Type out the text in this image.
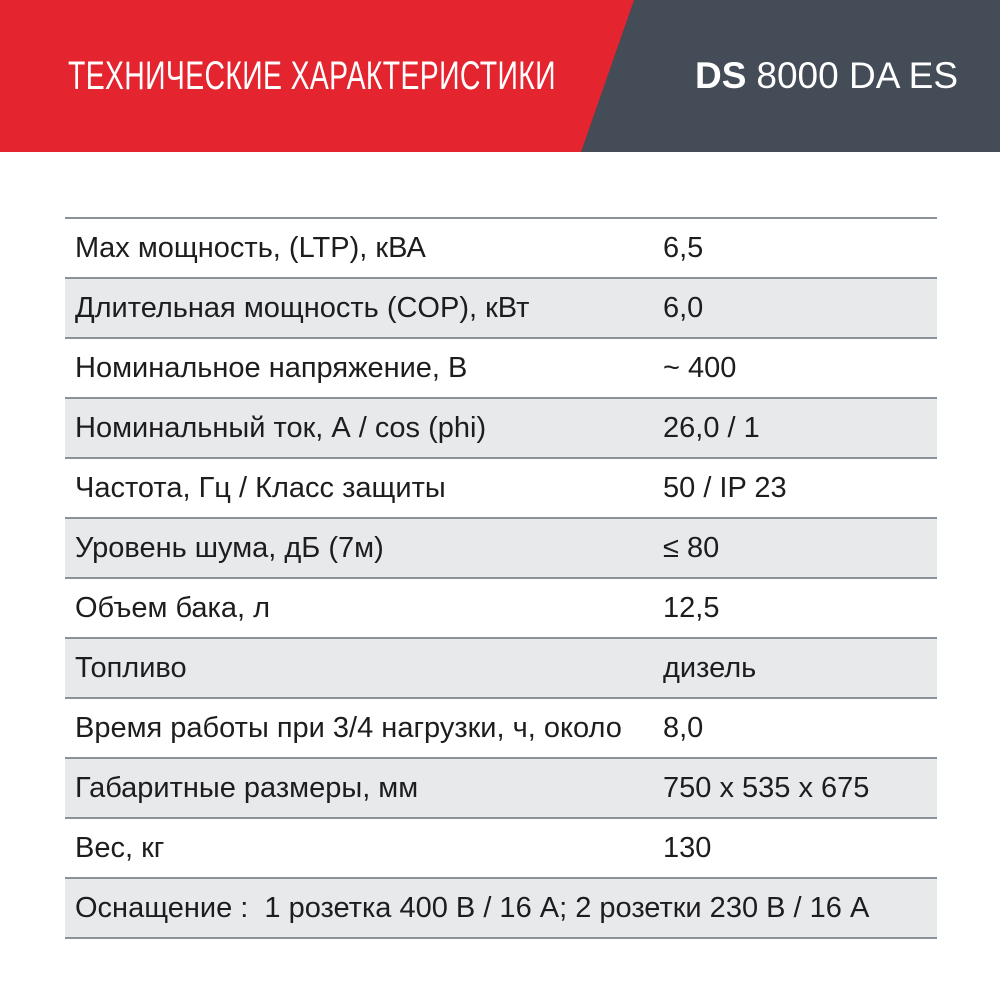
ТЕХНИЧЕСКИЕ ХАРАКТЕРИСТИКИ	DS 8000 DA ES
Max мощность, (LTP), кВА	6,5
Длительная мощность (COP), кВт	6,0
Номинальное напряжение, В	~ 400
Номинальный ток, А / cos (phi)	26,0 / 1
Частота, Гц / Класс защиты	50 / IP 23
Уровень шума, дБ (7м)	≤ 80
Объем бака, л	12,5
Топливо	дизель
Время работы при 3/4 нагрузки, ч, около	8,0
Габаритные размеры, мм	750 x 535 x 675
Вес, кг	130
Оснащение :  1 розетка 400 В / 16 А; 2 розетки 230 В / 16 А
